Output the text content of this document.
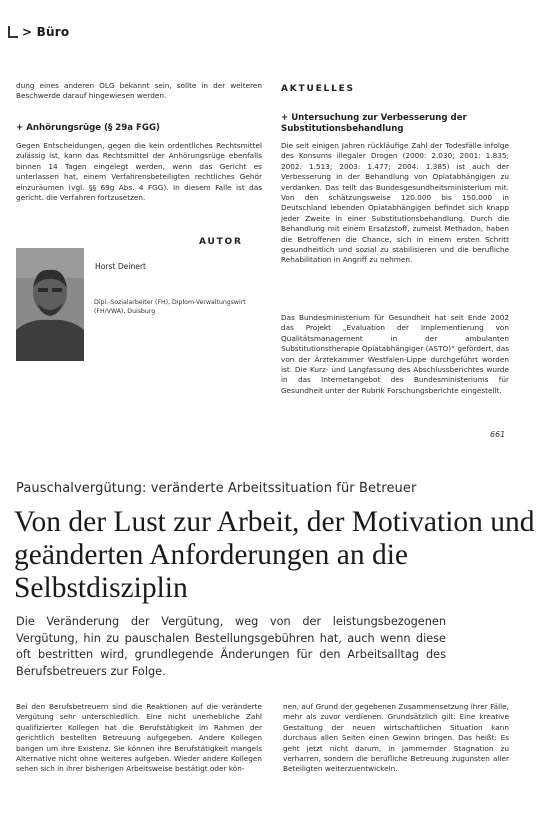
> Büro

dung eines anderen OLG bekannt sein, sollte in der weiteren Beschwerde darauf hingewiesen werden.

+ Anhörungsrüge (§ 29a FGG)

Gegen Entscheidungen, gegen die kein ordentliches Rechtsmittel zulässig ist, kann das Rechtsmittel der Anhörungsrüge ebenfalls binnen 14 Tagen eingelegt werden, wenn das Gericht es unterlassen hat, einem Verfahrensbeteiligten rechtliches Gehör einzuräumen (vgl. §§ 69g Abs. 4 FGG). In diesem Falle ist das gericht. die Verfahren fortzusetzen.

AUTOR
Horst Deinert
Dipl.-Sozialarbeiter (FH), Diplom-Verwaltungswirt (FH/VWA), Duisburg
AKTUELLES
+ Untersuchung zur Verbesserung der Substitutionsbehandlung

Die seit einigen Jahren rückläufige Zahl der Todesfälle infolge des Konsums illegaler Drogen (2000: 2.030; 2001: 1.835; 2002: 1.513; 2003: 1.477; 2004: 1.385) ist auch der Verbesserung in der Behandlung von Opiatabhängigen zu verdanken. Das teilt das Bundesgesundheitsministerium mit. Von den schätzungsweise 120.000 bis 150.000 in Deutschland lebenden Opiatabhängigen befindet sich knapp jeder Zweite in einer Substitutionsbehandlung. Durch die Behandlung mit einem Ersatzstoff, zumeist Methadon, haben die Betroffenen die Chance, sich in einem ersten Schritt gesundheitlich und sozial zu stabilisieren und die berufliche Rehabilitation in Angriff zu nehmen.

Das Bundesministerium für Gesundheit hat seit Ende 2002 das Projekt „Evaluation der Implementierung von Qualitätsmanagement in der ambulanten Substitutionstherapie Opiatabhängiger (ASTO)“ gefördert, das von der Ärztekammer Westfalen-Lippe durchgeführt worden ist. Die Kurz- und Langfassung des Abschlussberichtes wurde in das Internetangebot des Bundesministeriums für Gesundheit unter der Rubrik Forschungsberichte eingestellt.

661
Pauschalvergütung: veränderte Arbeitssituation für Betreuer
Von der Lust zur Arbeit, der Motivation und geänderten Anforderungen an die Selbstdisziplin
Die Veränderung der Vergütung, weg von der leistungsbezogenen Vergütung, hin zu pauschalen Bestellungsgebühren hat, auch wenn diese oft bestritten wird, grundlegende Änderungen für den Arbeitsalltag des Berufsbetreuers zur Folge.

Bei den Berufsbetreuern sind die Reaktionen auf die veränderte Vergütung sehr unterschiedlich. Eine nicht unerhebliche Zahl qualifizierter Kollegen hat die Berufstätigkeit im Rahmen der gerichtlich bestellten Betreuung aufgegeben. Andere Kollegen bangen um ihre Existenz. Sie können ihre Berufstätigkeit mangels Alternative nicht ohne weiteres aufgeben. Wieder andere Kollegen sehen sich in ihrer bisherigen Arbeitsweise bestätigt oder kön-

nen, auf Grund der gegebenen Zusammensetzung ihrer Fälle, mehr als zuvor verdienen. Grundsätzlich gilt: Eine kreative Gestaltung der neuen wirtschaftlichen Situation kann durchaus allen Seiten einen Gewinn bringen. Das heißt: Es geht jetzt nicht darum, in jammernder Stagnation zu verharren, sondern die berufliche Betreuung zugunsten aller Beteiligten weiterzuentwickeln.
